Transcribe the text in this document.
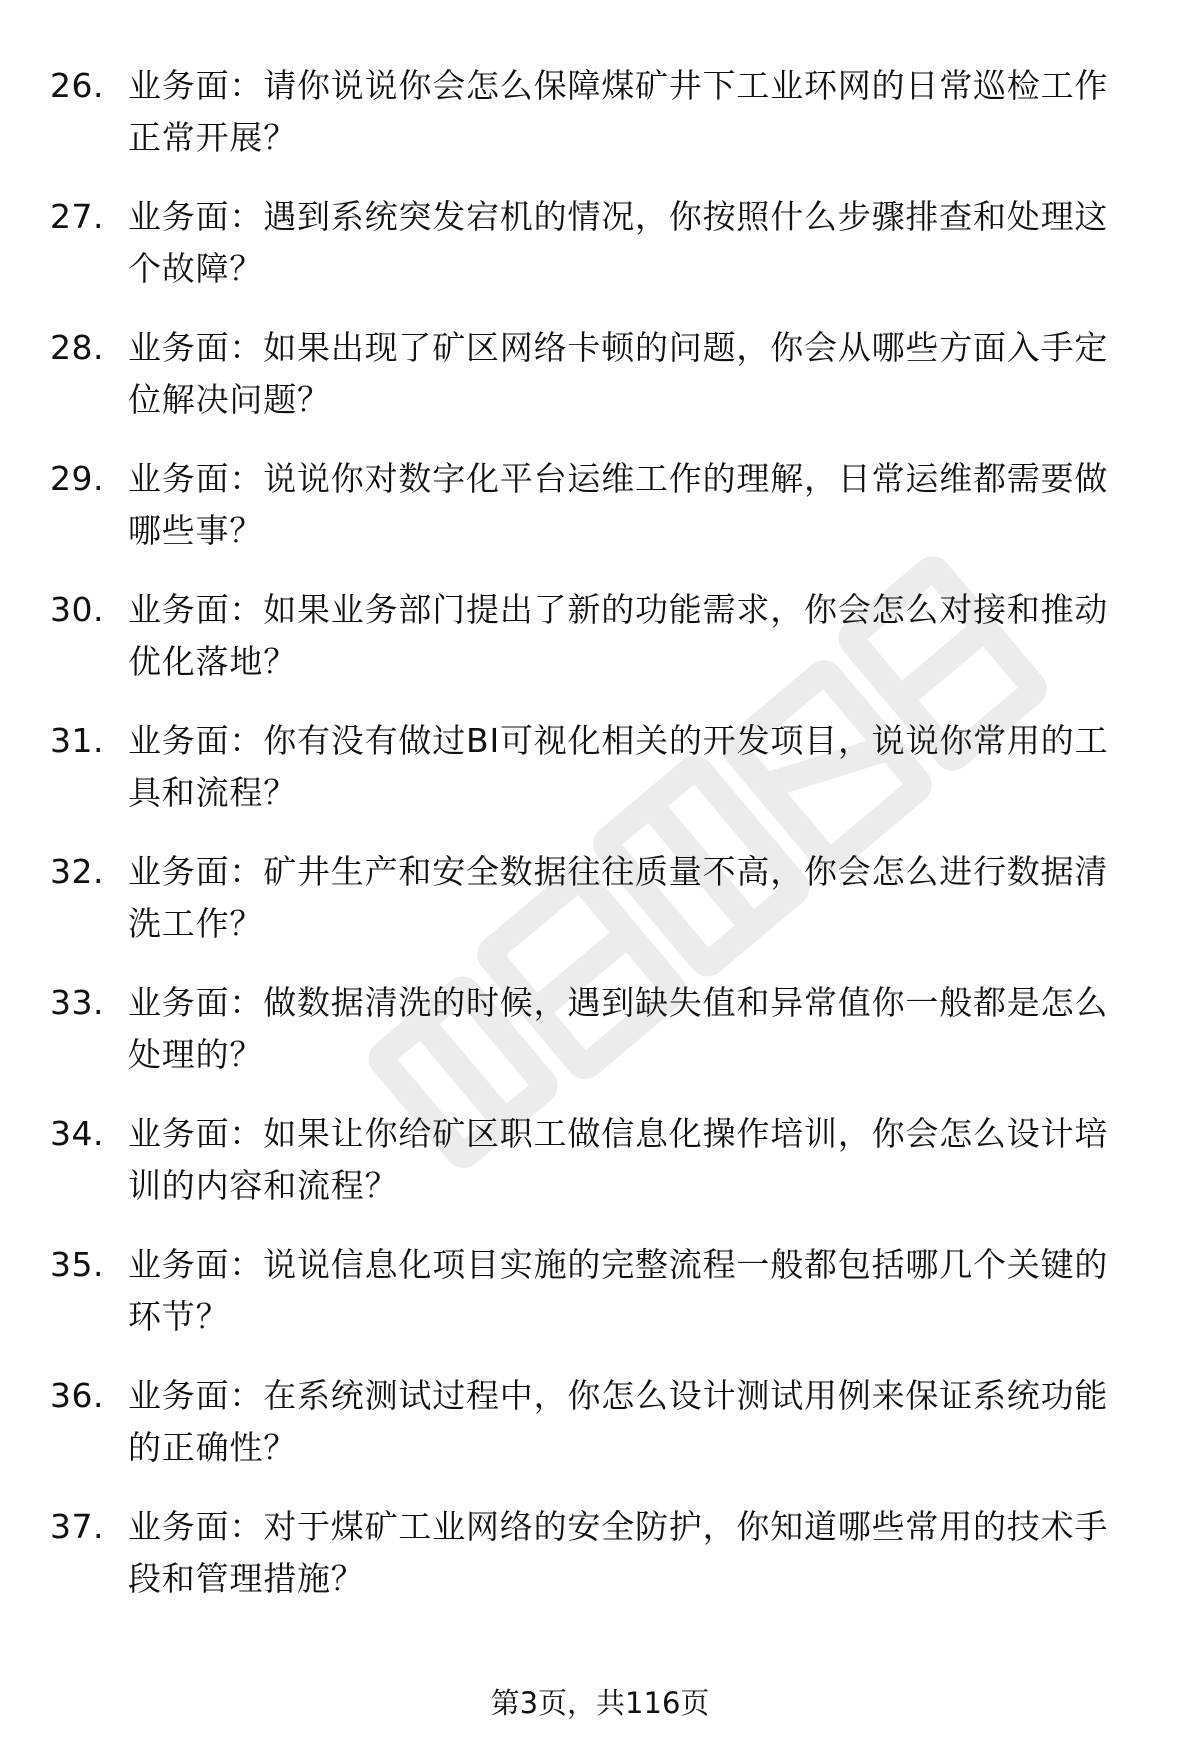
26. 业务面：请你说说你会怎么保障煤矿井下工业环网的日常巡检工作正常开展？
27. 业务面：遇到系统突发宕机的情况，你按照什么步骤排查和处理这个故障？
28. 业务面：如果出现了矿区网络卡顿的问题，你会从哪些方面入手定位解决问题？
29. 业务面：说说你对数字化平台运维工作的理解，日常运维都需要做哪些事？
30. 业务面：如果业务部门提出了新的功能需求，你会怎么对接和推动优化落地？
31. 业务面：你有没有做过BI可视化相关的开发项目，说说你常用的工具和流程？
32. 业务面：矿井生产和安全数据往往质量不高，你会怎么进行数据清洗工作？
33. 业务面：做数据清洗的时候，遇到缺失值和异常值你一般都是怎么处理的？
34. 业务面：如果让你给矿区职工做信息化操作培训，你会怎么设计培训的内容和流程？
35. 业务面：说说信息化项目实施的完整流程一般都包括哪几个关键的环节？
36. 业务面：在系统测试过程中，你怎么设计测试用例来保证系统功能的正确性？
37. 业务面：对于煤矿工业网络的安全防护，你知道哪些常用的技术手段和管理措施？
第3页，共116页
